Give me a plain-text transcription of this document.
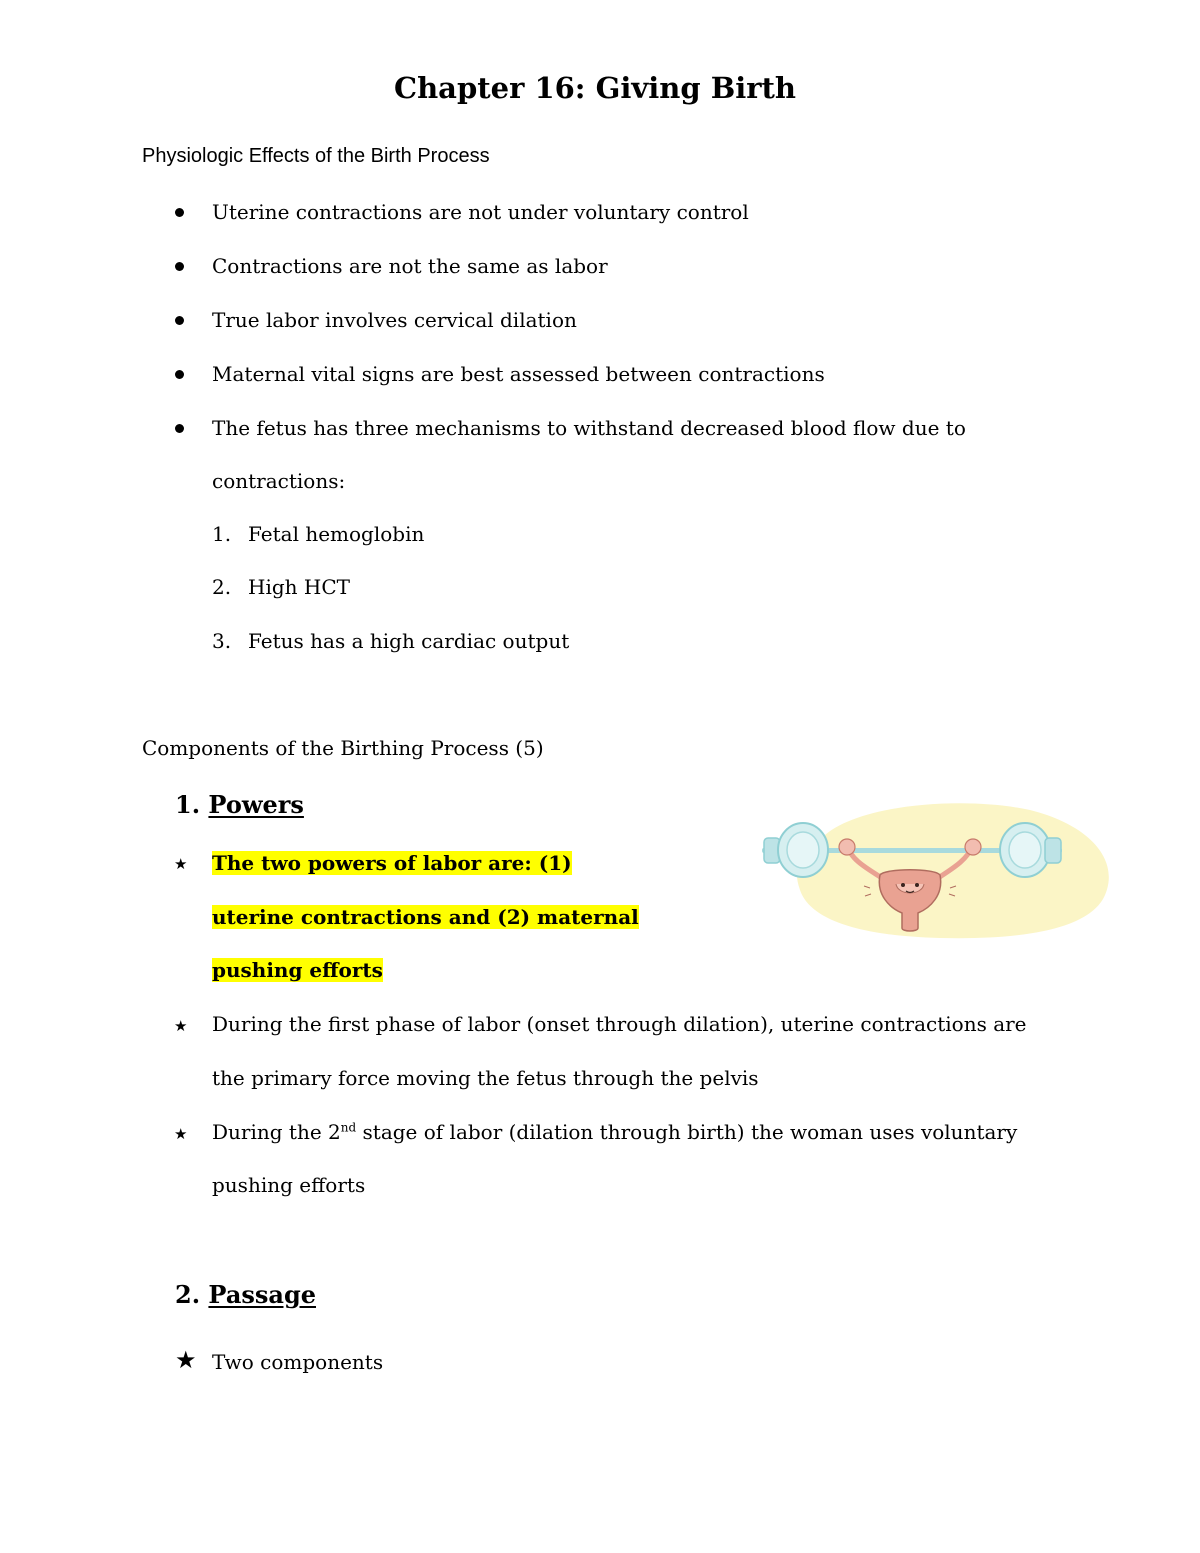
Chapter 16: Giving Birth
Physiologic Effects of the Birth Process
Uterine contractions are not under voluntary control
Contractions are not the same as labor
True labor involves cervical dilation
Maternal vital signs are best assessed between contractions
The fetus has three mechanisms to withstand decreased blood flow due to
contractions:
1. Fetal hemoglobin
2. High HCT
3. Fetus has a high cardiac output
Components of the Birthing Process (5)
1. Powers
★ The two powers of labor are: (1)
uterine contractions and (2) maternal
pushing efforts
★ During the first phase of labor (onset through dilation), uterine contractions are
the primary force moving the fetus through the pelvis
★ During the 2nd stage of labor (dilation through birth) the woman uses voluntary
pushing efforts
2. Passage
★ Two components
